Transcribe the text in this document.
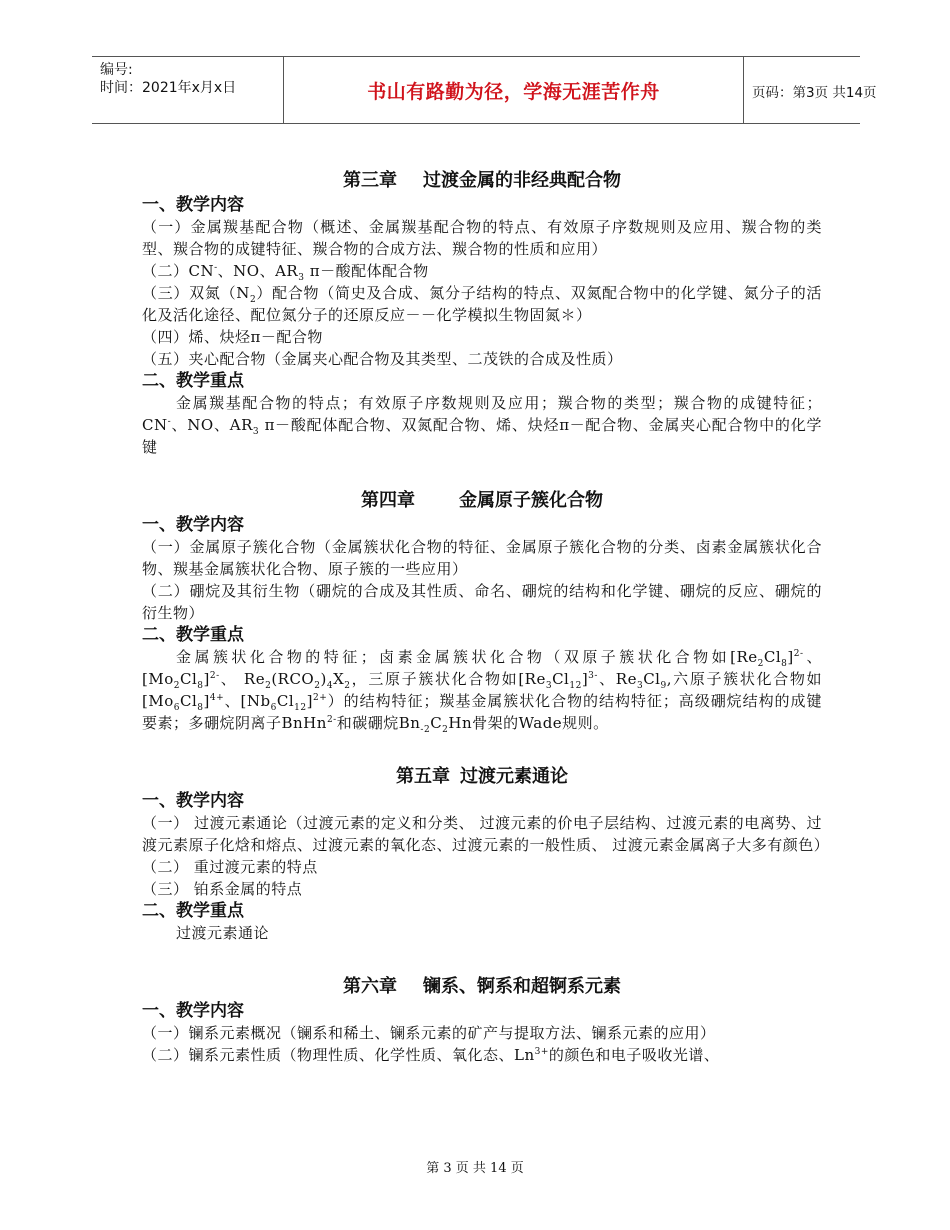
编号:
时间：2021年x月x日	书山有路勤为径，学海无涯苦作舟	页码：第3页 共14页
第三章 过渡金属的非经典配合物
一、教学内容
（一）金属羰基配合物（概述、金属羰基配合物的特点、有效原子序数规则及应用、羰合物的类型、羰合物的成键特征、羰合物的合成方法、羰合物的性质和应用）
（二）CN-、NO、$AR_3$ π－酸配体配合物
（三）双氮$(N_2)$配合物（简史及合成、氮分子结构的特点、双氮配合物中的化学键、氮分子的活化及活化途径、配位氮分子的还原反应－－化学模拟生物固氮＊）
（四）烯、炔烃π－配合物
（五）夹心配合物（金属夹心配合物及其类型、二茂铁的合成及性质）
二、教学重点
金属羰基配合物的特点；有效原子序数规则及应用；羰合物的类型；羰合物的成键特征；CN-、NO、$AR_3$ π－酸配体配合物、双氮配合物、烯、炔烃π－配合物、金属夹心配合物中的化学键
第四章 金属原子簇化合物
一、教学内容
（一）金属原子簇化合物（金属簇状化合物的特征、金属原子簇化合物的分类、卤素金属簇状化合物、羰基金属簇状化合物、原子簇的一些应用）
（二）硼烷及其衍生物（硼烷的合成及其性质、命名、硼烷的结构和化学键、硼烷的反应、硼烷的衍生物）
二、教学重点
金属簇状化合物的特征；卤素金属簇状化合物（双原子簇状化合物如$[Re_2Cl_8]^{2-}$、 $[Mo_2Cl_8]^{2-}$、 $Re_2(RCO_2)_4X_2$，三原子簇状化合物如$[Re_3Cl_{12}]^{3-}$、$Re_3Cl_9$,六原子簇状化合物如$[Mo_6Cl_8]^{4+}$、$[Nb_6Cl_{12}]^{2+}$）的结构特征；羰基金属簇状化合物的结构特征；高级硼烷结构的成键要素；多硼烷阴离子BnHn$^{2-}$和碳硼烷$Bn_{-2}C_2Hn$骨架的Wade规则。
第五章 过渡元素通论
一、教学内容
（一） 过渡元素通论（过渡元素的定义和分类、 过渡元素的价电子层结构、过渡元素的电离势、过渡元素原子化焓和熔点、过渡元素的氧化态、过渡元素的一般性质、 过渡元素金属离子大多有颜色）
（二） 重过渡元素的特点
（三） 铂系金属的特点
二、教学重点
过渡元素通论
第六章 镧系、锕系和超锕系元素
一、教学内容
（一）镧系元素概况（镧系和稀土、镧系元素的矿产与提取方法、镧系元素的应用）
（二）镧系元素性质（物理性质、化学性质、氧化态、$Ln^{3+}$的颜色和电子吸收光谱、
第 3 页 共 14 页
